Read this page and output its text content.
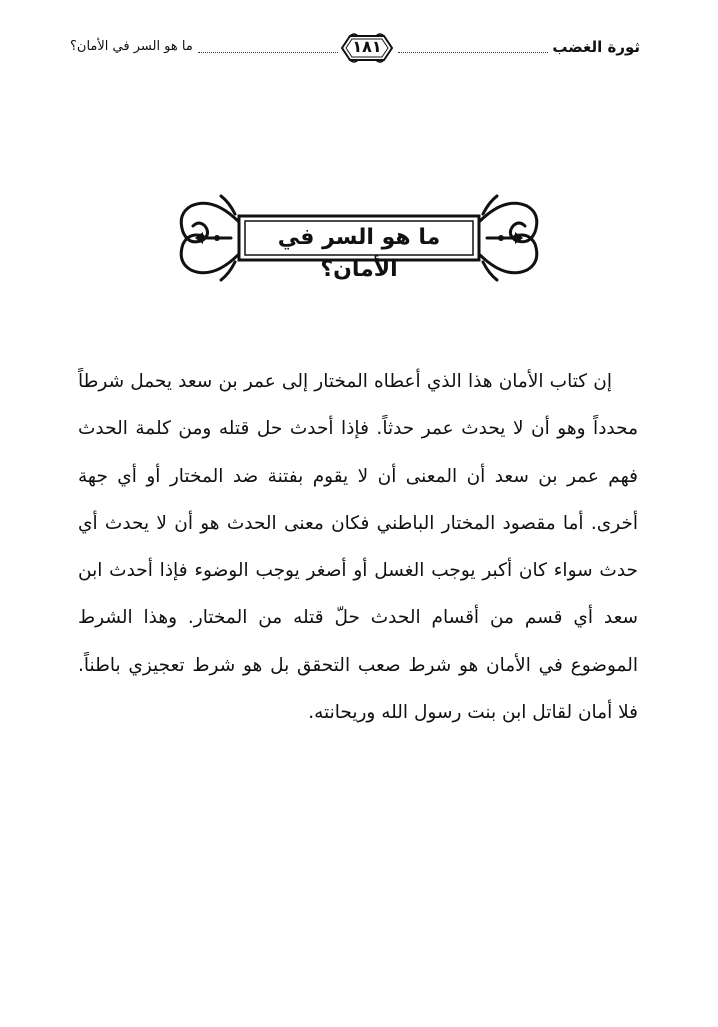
ثورة الغضب
١٨١
ما هو السر في الأمان؟
ما هو السر في الأمان؟

إن كتاب الأمان هذا الذي أعطاه المختار إلى عمر بن سعد يحمل شرطاً محدداً وهو أن لا يحدث عمر حدثاً. فإذا أحدث حل قتله ومن كلمة الحدث فهم عمر بن سعد أن المعنى أن لا يقوم بفتنة ضد المختار أو أي جهة أخرى. أما مقصود المختار الباطني فكان معنى الحدث هو أن لا يحدث أي حدث سواء كان أكبر يوجب الغسل أو أصغر يوجب الوضوء فإذا أحدث ابن سعد أي قسم من أقسام الحدث حلّ قتله من المختار. وهذا الشرط الموضوع في الأمان هو شرط صعب التحقق بل هو شرط تعجيزي باطناً. فلا أمان لقاتل ابن بنت رسول الله وريحانته.
